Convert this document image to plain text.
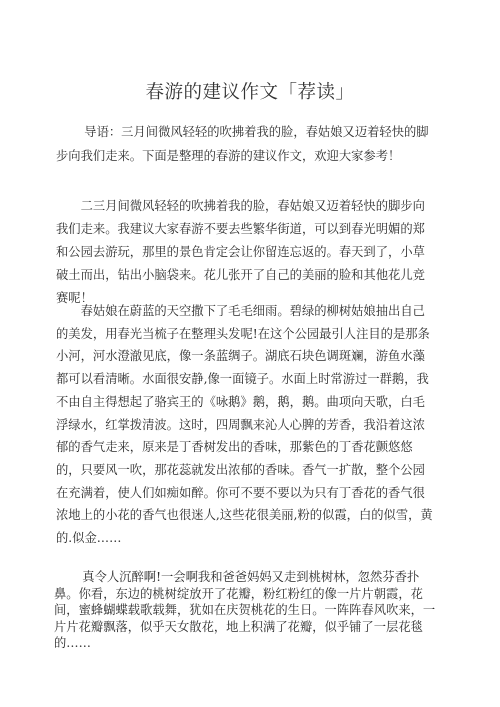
春游的建议作文「荐读」
导语：三月间微风轻轻的吹拂着我的脸，春姑娘又迈着轻快的脚步向我们走来。下面是整理的春游的建议作文，欢迎大家参考！
二三月间微风轻轻的吹拂着我的脸，春姑娘又迈着轻快的脚步向我们走来。我建议大家春游不要去些繁华街道，可以到春光明媚的郑和公园去游玩，那里的景色肯定会让你留连忘返的。春天到了，小草破土而出，钻出小脑袋来。花儿张开了自己的美丽的脸和其他花儿竞赛呢！
春姑娘在蔚蓝的天空撒下了毛毛细雨。碧绿的柳树姑娘抽出自己的美发，用春光当梳子在整理头发呢!在这个公园最引人注目的是那条小河，河水澄澈见底，像一条蓝绸子。湖底石块色调斑斓，游鱼水藻都可以看清晰。水面很安静,像一面镜子。水面上时常游过一群鹅，我不由自主得想起了骆宾王的《咏鹅》鹅，鹅，鹅。曲项向天歌，白毛浮绿水，红掌拨清波。这时，四周飘来沁人心脾的芳香，我沿着这浓郁的香气走来，原来是丁香树发出的香味，那紫色的丁香花颤悠悠的，只要风一吹，那花蕊就发出浓郁的香味。香气一扩散，整个公园在充满着，使人们如痴如醉。你可不要不要以为只有丁香花的香气很浓地上的小花的香气也很迷人,这些花很美丽,粉的似霞，白的似雪，黄的.似金……
真令人沉醉啊!一会啊我和爸爸妈妈又走到桃树林，忽然芬香扑鼻。你看，东边的桃树绽放开了花瓣，粉红粉红的像一片片朝霞，花间，蜜蜂蝴蝶载歌载舞，犹如在庆贺桃花的生日。一阵阵春风吹来，一片片花瓣飘落，似乎天女散花，地上积满了花瓣，似乎铺了一层花毯的……
